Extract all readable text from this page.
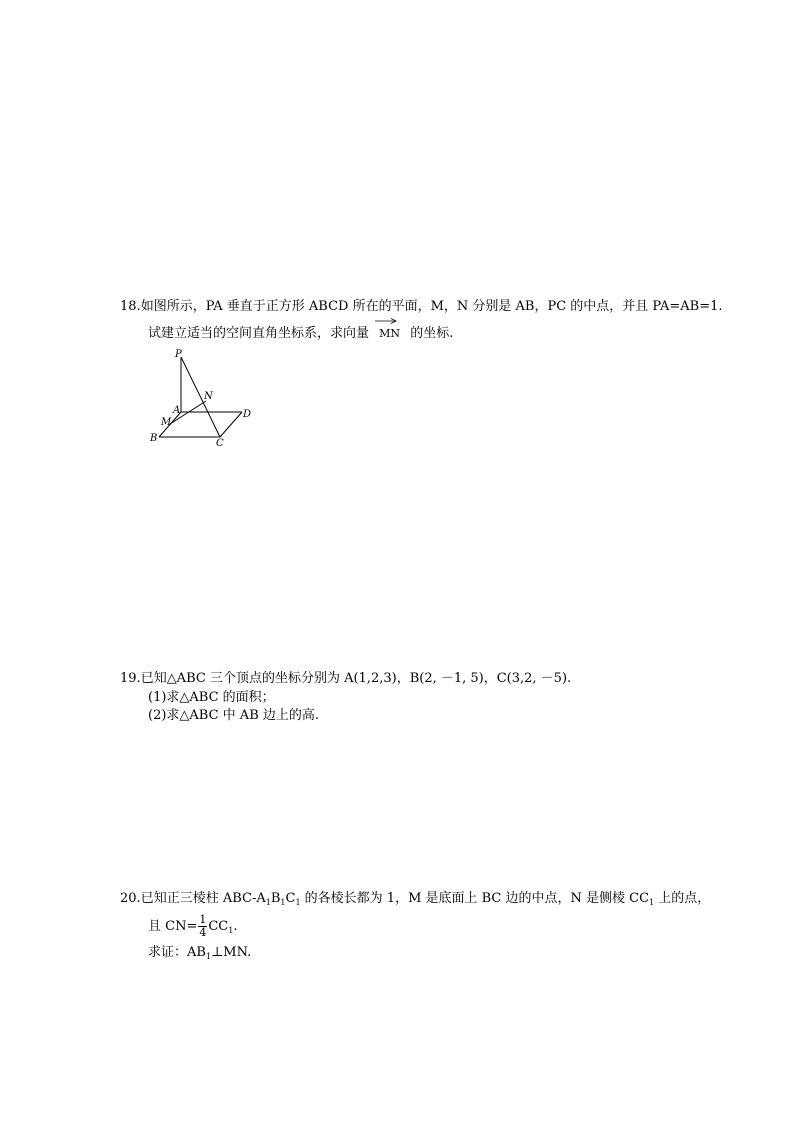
18.如图所示，PA 垂直于正方形 ABCD 所在的平面，M，N 分别是 AB，PC 的中点，并且 PA=AB=1.
试建立适当的空间直角坐标系，求向量 MN 的坐标.
P
A
N
M
D
B	C
19.已知△ABC 三个顶点的坐标分别为 A(1,2,3)，B(2, －1, 5)，C(3,2, －5).
(1)求△ABC 的面积；
(2)求△ABC 中 AB 边上的高.
20.已知正三棱柱 ABC-$A_1B_1C_1$ 的各棱长都为 1，M 是底面上 BC 边的中点，N 是侧棱 $CC_1$ 上的点，
且 $CN= \frac{1}{4} CC_1$.
求证：$AB_1\perp MN$.
